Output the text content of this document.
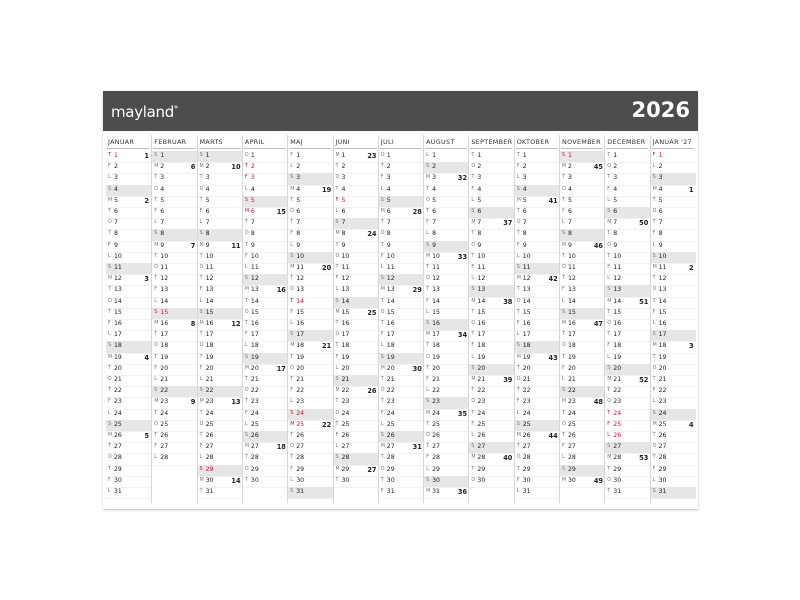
mayland*	2026
JANUAR
T 1	1
F 2
L 3
S 4
M 5	2
T 6
O 7
T 8
F 9
L 10
S 11
M 12	3
T 13
O 14
T 15
F 16
L 17
S 18
M 19	4
T 20
O 21
T 22
F 23
L 24
S 25
M 26	5
T 27
O 28
T 29
F 30
L 31
FEBRUAR
S 1
M 2	6
T 3
O 4
T 5
F 6
L 7
S 8
M 9	7
T 10
O 11
T 12
F 13
L 14
S 15
M 16	8
T 17
O 18
T 19
F 20
L 21
S 22
M 23	9
T 24
O 25
T 26
F 27
L 28
MARTS
S 1
M 2	10
T 3
O 4
T 5
F 6
L 7
S 8
M 9	11
T 10
O 11
T 12
F 13
L 14
S 15
M 16	12
T 17
O 18
T 19
F 20
L 21
S 22
M 23	13
T 24
O 25
T 26
F 27
L 28
S 29
M 30	14
T 31
APRIL
O 1
T 2
F 3
L 4
S 5
M 6	15
T 7
O 8
T 9
F 10
L 11
S 12
M 13	16
T 14
O 15
T 16
F 17
L 18
S 19
M 20	17
T 21
O 22
T 23
F 24
L 25
S 26
M 27	18
T 28
O 29
T 30
MAJ
F 1
L 2
S 3
M 4	19
T 5
O 6
T 7
F 8
L 9
S 10
M 11	20
T 12
O 13
T 14
F 15
L 16
S 17
M 18	21
T 19
O 20
T 21
F 22
L 23
S 24
M 25	22
T 26
O 27
T 28
F 29
L 30
S 31
JUNI
M 1	23
T 2
O 3
T 4
F 5
L 6
S 7
M 8	24
T 9
O 10
T 11
F 12
L 13
S 14
M 15	25
T 16
O 17
T 18
F 19
L 20
S 21
M 22	26
T 23
O 24
T 25
F 26
L 27
S 28
M 29	27
T 30
JULI
O 1
T 2
F 3
L 4
S 5
M 6	28
T 7
O 8
T 9
F 10
L 11
S 12
M 13	29
T 14
O 15
T 16
F 17
L 18
S 19
M 20	30
T 21
O 22
T 23
F 24
L 25
S 26
M 27	31
T 28
O 29
T 30
F 31
AUGUST
L 1
S 2
M 3	32
T 4
O 5
T 6
F 7
L 8
S 9
M 10	33
T 11
O 12
T 13
F 14
L 15
S 16
M 17	34
T 18
O 19
T 20
F 21
L 22
S 23
M 24	35
T 25
O 26
T 27
F 28
L 29
S 30
M 31	36
SEPTEMBER
T 1
O 2
T 3
F 4
L 5
S 6
M 7	37
T 8
O 9
T 10
F 11
L 12
S 13
M 14	38
T 15
O 16
T 17
F 18
L 19
S 20
M 21	39
T 22
O 23
T 24
F 25
L 26
S 27
M 28	40
T 29
O 30
OKTOBER
T 1
F 2
L 3
S 4
M 5	41
T 6
O 7
T 8
F 9
L 10
S 11
M 12	42
T 13
O 14
T 15
F 16
L 17
S 18
M 19	43
T 20
O 21
T 22
F 23
L 24
S 25
M 26	44
T 27
O 28
T 29
F 30
L 31
NOVEMBER
S 1
M 2	45
T 3
O 4
T 5
F 6
L 7
S 8
M 9	46
T 10
O 11
T 12
F 13
L 14
S 15
M 16	47
T 17
O 18
T 19
F 20
L 21
S 22
M 23	48
T 24
O 25
T 26
F 27
L 28
S 29
M 30	49
DECEMBER
T 1
O 2
T 3
F 4
L 5
S 6
M 7	50
T 8
O 9
T 10
F 11
L 12
S 13
M 14	51
T 15
O 16
T 17
F 18
L 19
S 20
M 21	52
T 22
O 23
T 24
F 25
L 26
S 27
M 28	53
T 29
O 30
T 31
JANUAR '27
F 1
L 2
S 3
M 4	1
T 5
O 6
T 7
F 8
L 9
S 10
M 11	2
T 12
O 13
T 14
F 15
L 16
S 17
M 18	3
T 19
O 20
T 21
F 22
L 23
S 24
M 25	4
T 26
O 27
T 28
F 29
L 30
S 31
